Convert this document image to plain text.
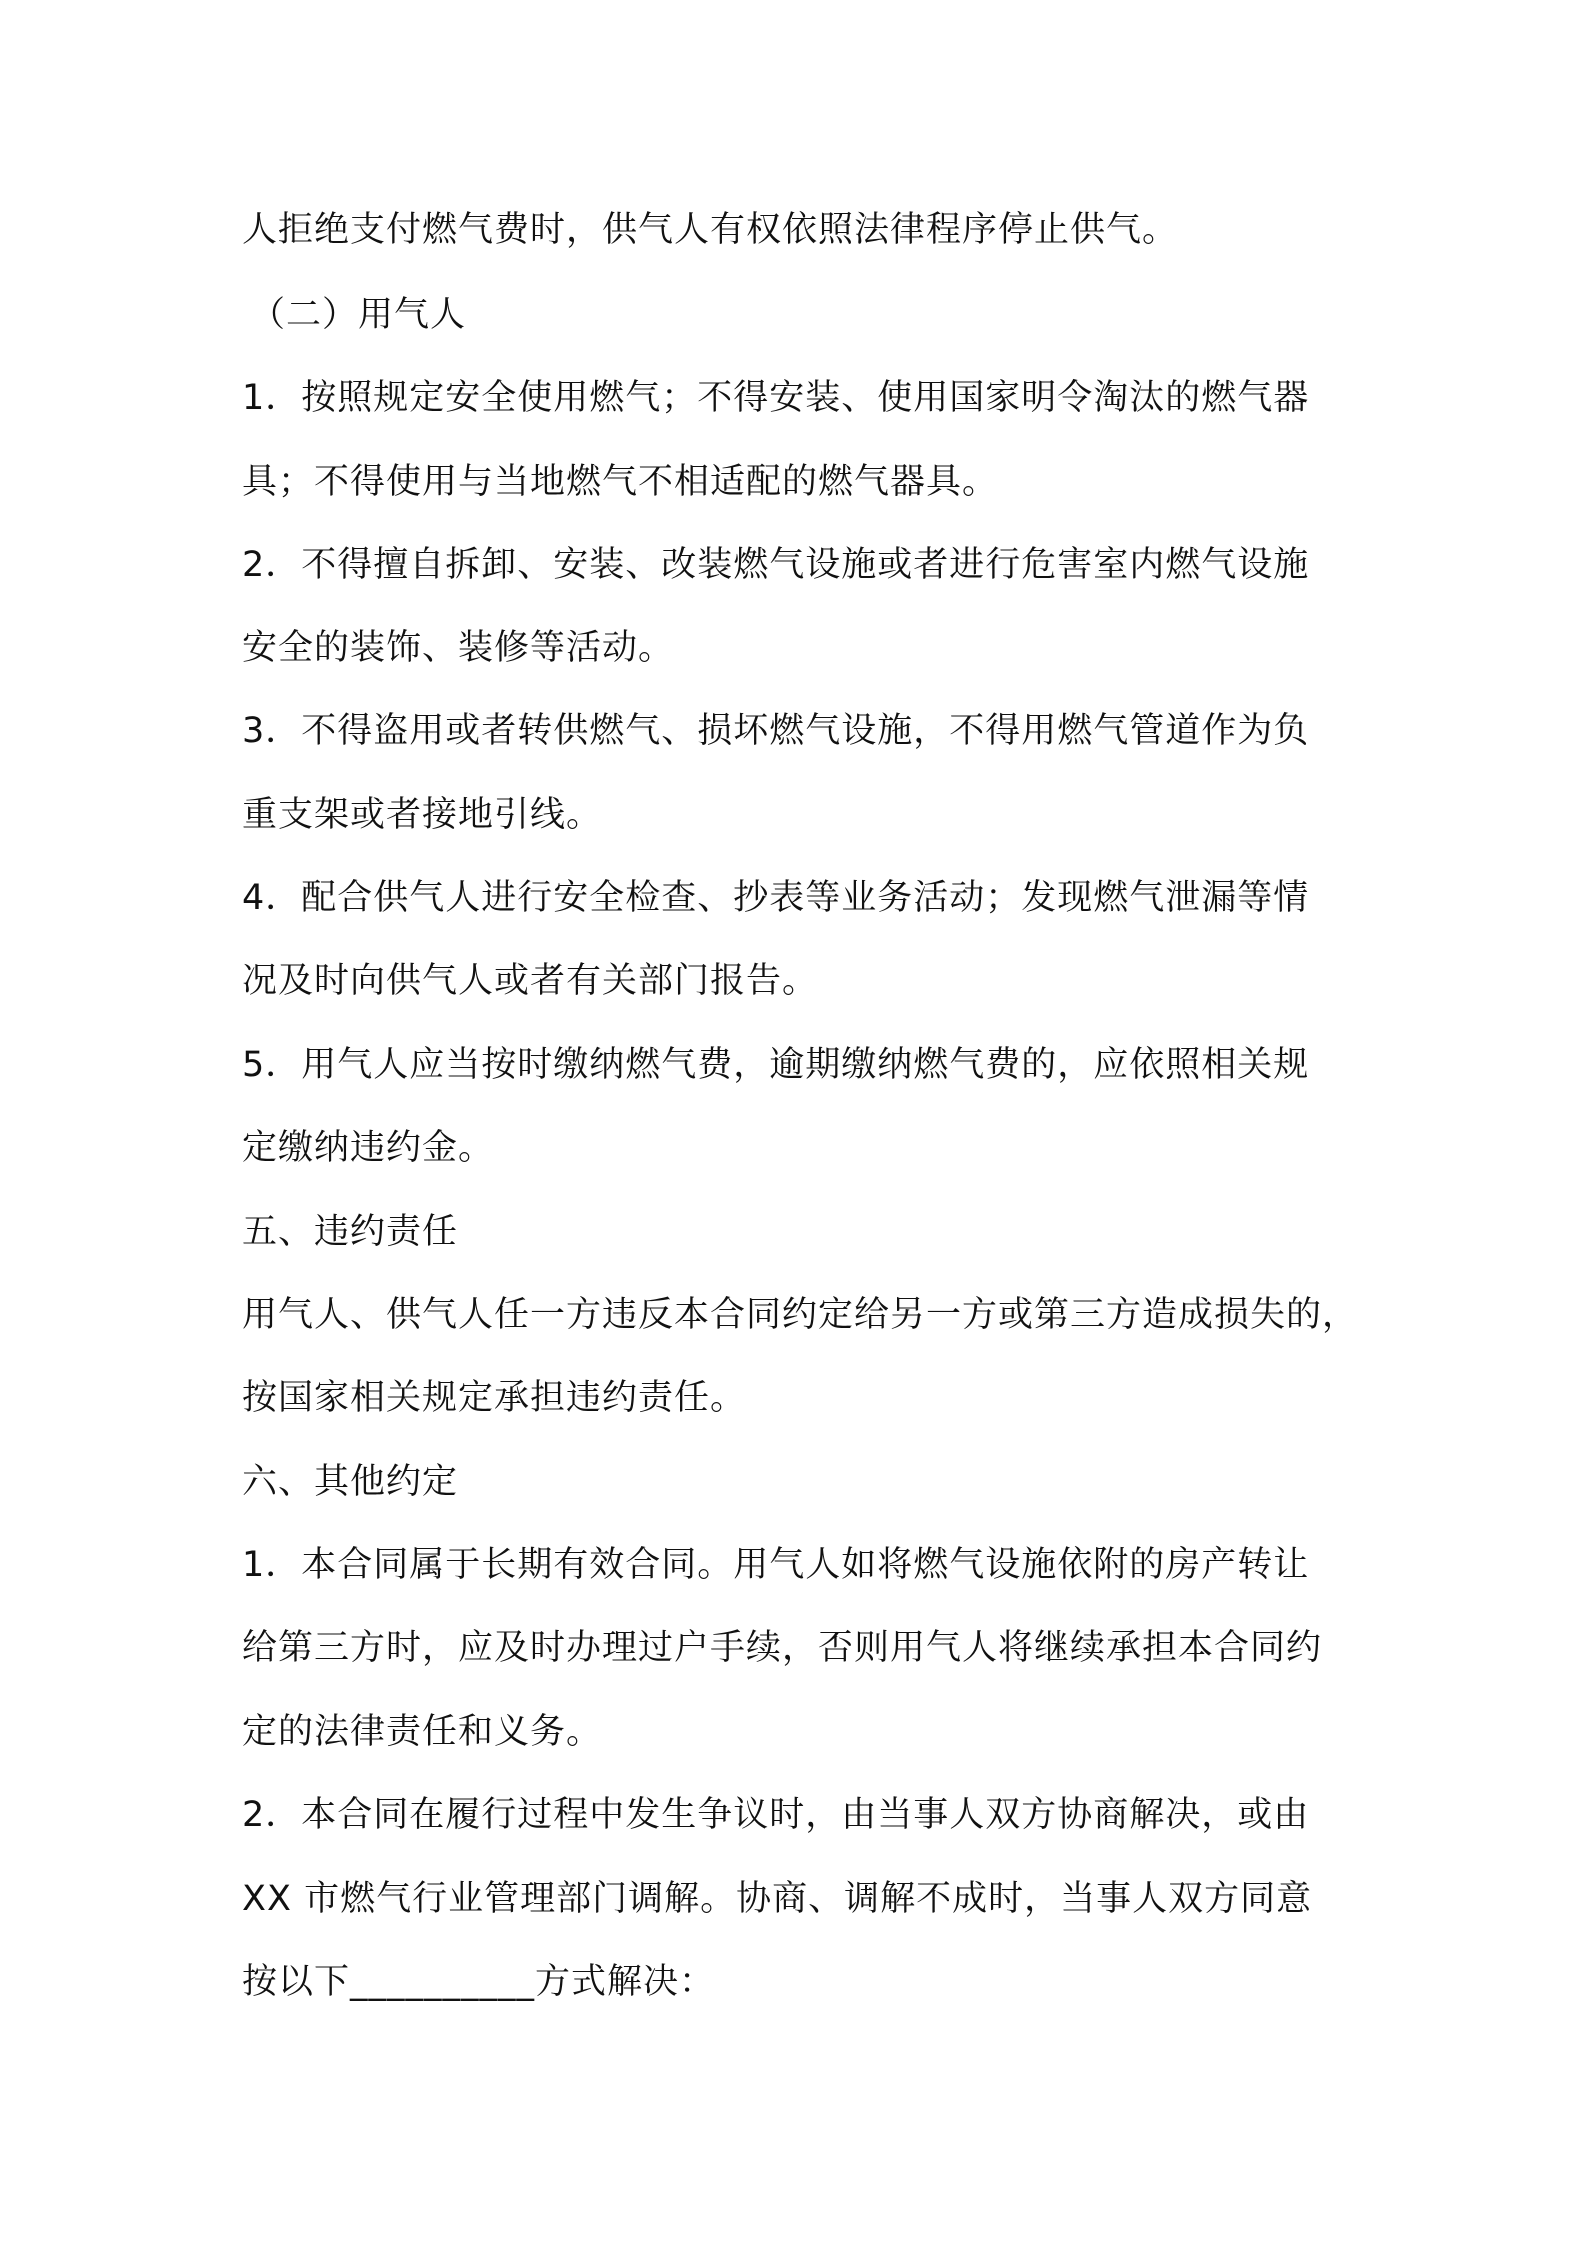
人拒绝支付燃气费时，供气人有权依照法律程序停止供气。
（二）用气人
1．按照规定安全使用燃气；不得安装、使用国家明令淘汰的燃气器
具；不得使用与当地燃气不相适配的燃气器具。
2．不得擅自拆卸、安装、改装燃气设施或者进行危害室内燃气设施
安全的装饰、装修等活动。
3．不得盗用或者转供燃气、损坏燃气设施，不得用燃气管道作为负
重支架或者接地引线。
4．配合供气人进行安全检查、抄表等业务活动；发现燃气泄漏等情
况及时向供气人或者有关部门报告。
5．用气人应当按时缴纳燃气费，逾期缴纳燃气费的，应依照相关规
定缴纳违约金。
五、违约责任
用气人、供气人任一方违反本合同约定给另一方或第三方造成损失的，
按国家相关规定承担违约责任。
六、其他约定
1．本合同属于长期有效合同。用气人如将燃气设施依附的房产转让
给第三方时，应及时办理过户手续，否则用气人将继续承担本合同约
定的法律责任和义务。
2．本合同在履行过程中发生争议时，由当事人双方协商解决，或由
XX 市燃气行业管理部门调解。协商、调解不成时，当事人双方同意
按以下__________方式解决：
